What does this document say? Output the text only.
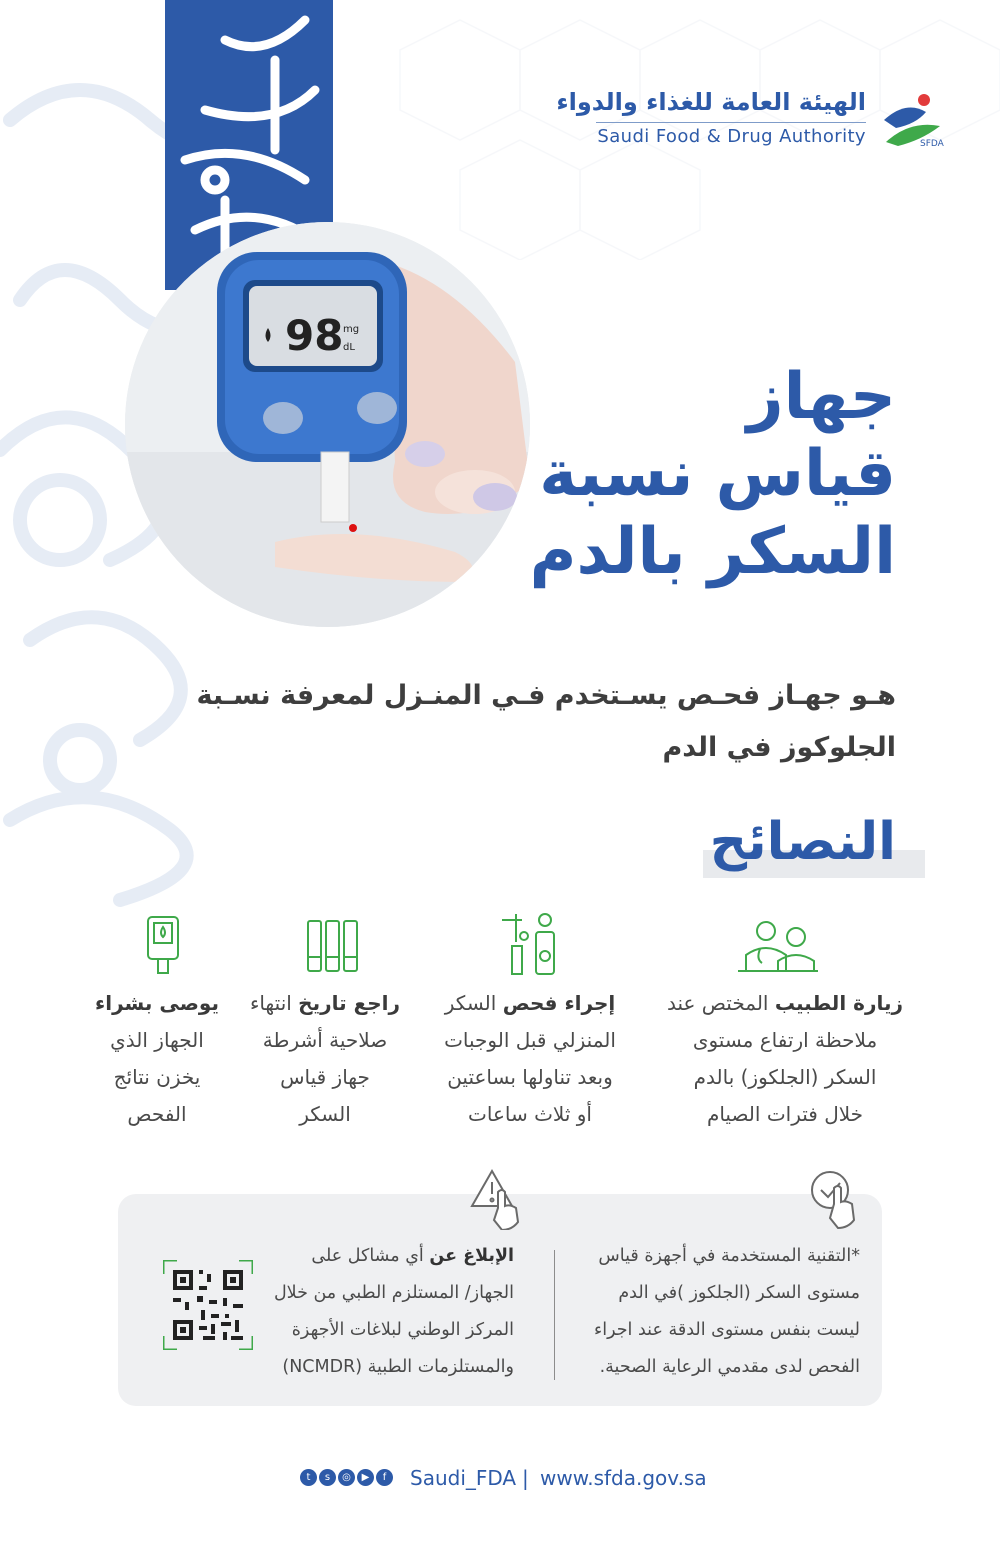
الهيئة العامة للغذاء والدواء
Saudi Food & Drug Authority	SFDA
98 mg
dL
جهاز
قياس نسبة
السكر بالدم
هـو جهـاز فحـص يسـتخدم فـي المنـزل لمعرفة نسـبة
الجلوكوز في الدم
النصائح
زيارة الطبيب المختص عند
ملاحظة ارتفاع مستوى
السكر (الجلكوز) بالدم
خلال فترات الصيام
إجراء فحص السكر
المنزلي قبل الوجبات
وبعد تناولها بساعتين
أو ثلاث ساعات
راجع تاريخ انتهاء
صلاحية أشرطة
جهاز قياس
السكر
يوصى بشراء
الجهاز الذي
يخزن نتائج
الفحص
*التقنية المستخدمة في أجهزة قياس
مستوى السكر (الجلكوز )في الدم
ليست بنفس مستوى الدقة عند اجراء
الفحص لدى مقدمي الرعاية الصحية.
الإبلاغ عن أي مشاكل على
الجهاز/ المستلزم الطبي من خلال
المركز الوطني لبلاغات الأجهزة
والمستلزمات الطبية (NCMDR)
t	s	◎	▶	f	Saudi_FDA | www.sfda.gov.sa
